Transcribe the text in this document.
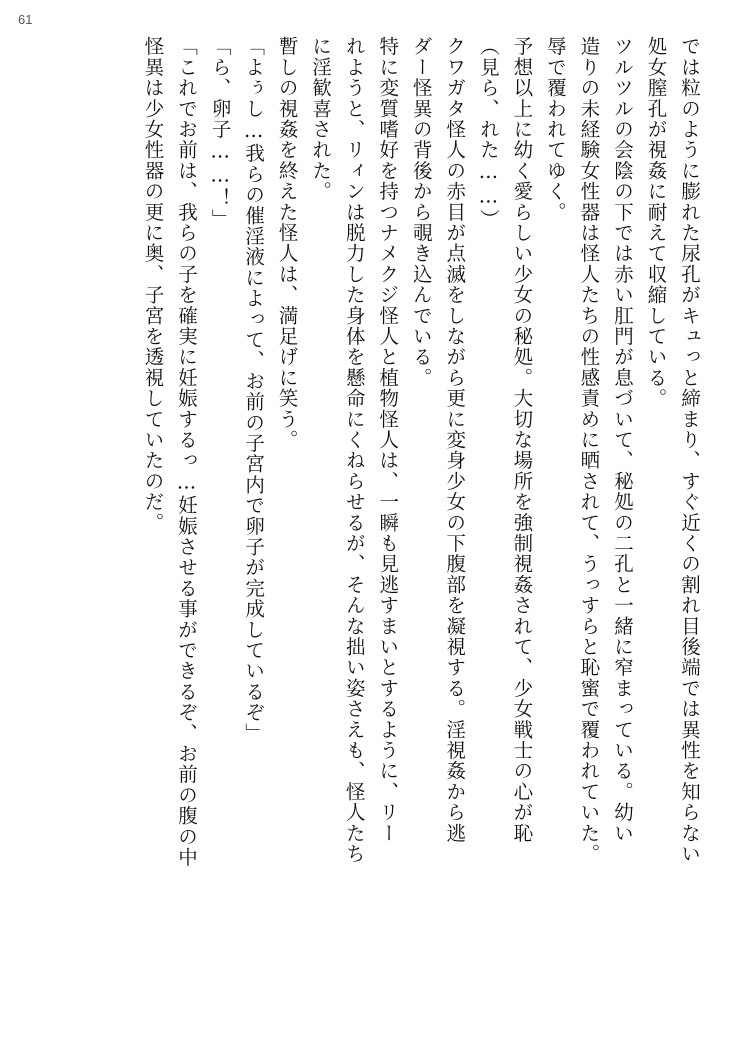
61
では粒のように膨れた尿孔がキュっと締まり、すぐ近くの割れ目後端では異性を知らない
処女膣孔が視姦に耐えて収縮している。
ツルツルの会陰の下では赤い肛門が息づいて、秘処の二孔と一緒に窄まっている。幼い
造りの未経験女性器は怪人たちの性感責めに晒されて、うっすらと恥蜜で覆われていた。
辱で覆われてゆく。
予想以上に幼く愛らしい少女の秘処。大切な場所を強制視姦されて、少女戦士の心が恥
（見ら、れた……）
クワガタ怪人の赤目が点滅をしながら更に変身少女の下腹部を凝視する。淫視姦から逃
ダー怪異の背後から覗き込んでいる。
特に変質嗜好を持つナメクジ怪人と植物怪人は、一瞬も見逃すまいとするように、リー
れようと、リィンは脱力した身体を懸命にくねらせるが、そんな拙い姿さえも、怪人たち
に淫歓喜された。
暫しの視姦を終えた怪人は、満足げに笑う。
「よぅし…我らの催淫液によって、お前の子宮内で卵子が完成しているぞ」
「ら、卵子……！」
「これでお前は、我らの子を確実に妊娠するっ…妊娠させる事ができるぞ、お前の腹の中
怪異は少女性器の更に奥、子宮を透視していたのだ。
